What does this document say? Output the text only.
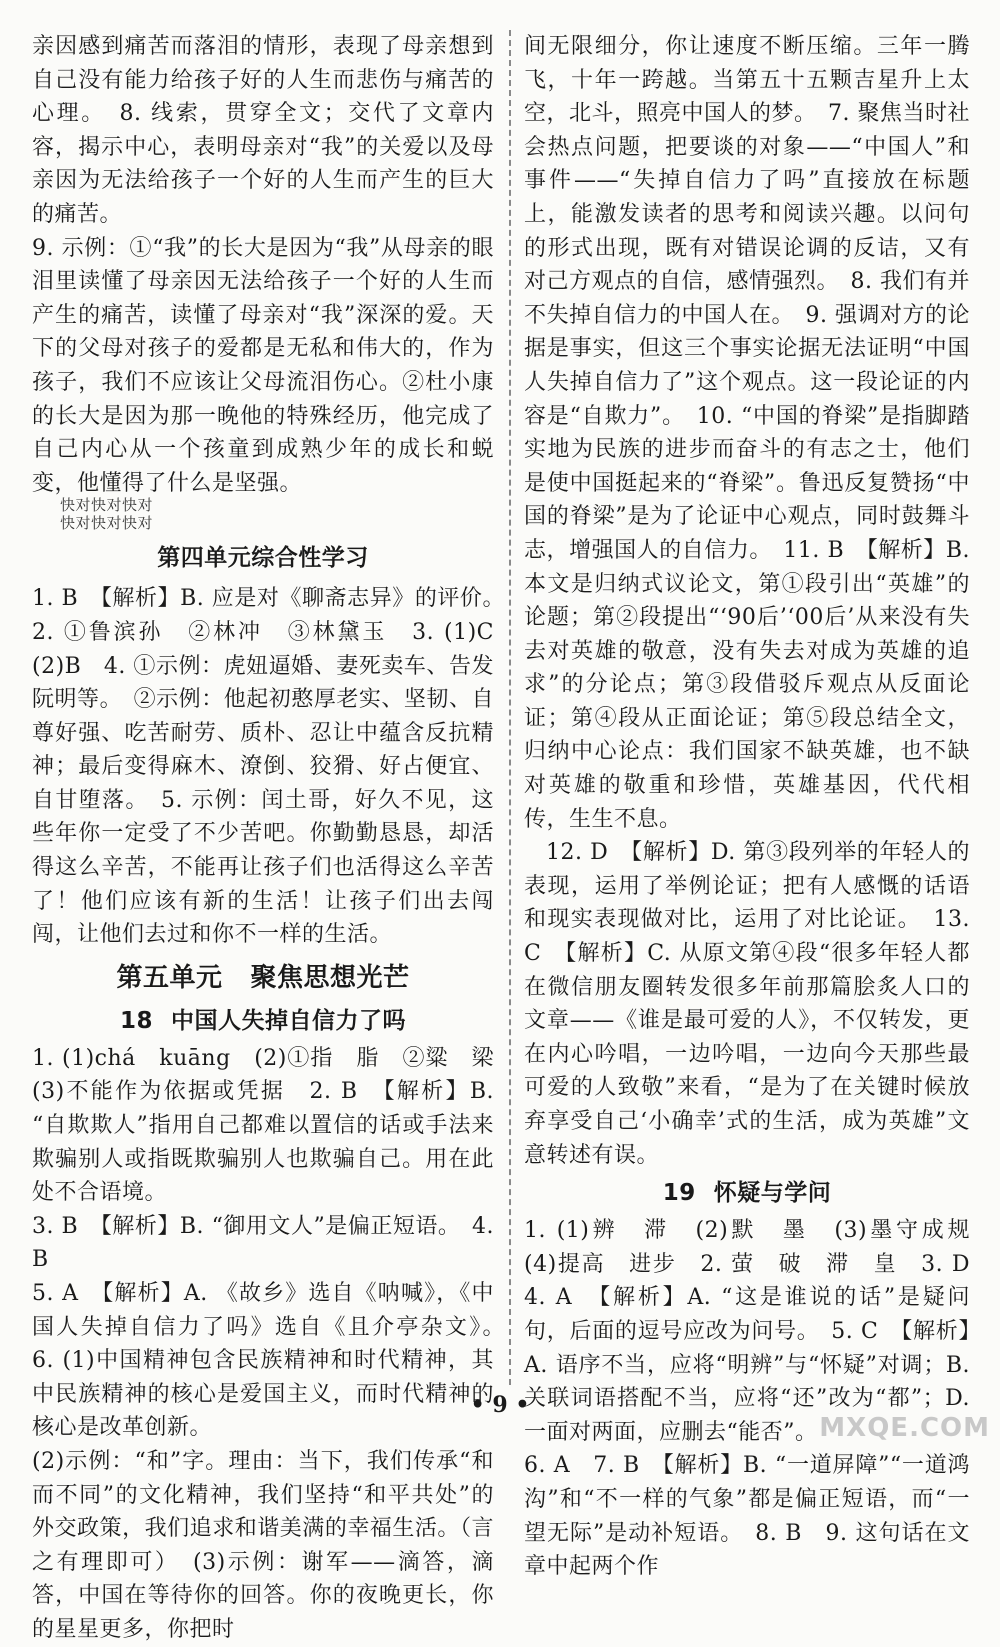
亲因感到痛苦而落泪的情形，表现了母亲想到自己没有能力给孩子好的人生而悲伤与痛苦的心理。　8. 线索，贯穿全文；交代了文章内容，揭示中心，表明母亲对“我”的关爱以及母亲因为无法给孩子一个好的人生而产生的巨大的痛苦。

9. 示例：①“我”的长大是因为“我”从母亲的眼泪里读懂了母亲因无法给孩子一个好的人生而产生的痛苦，读懂了母亲对“我”深深的爱。天下的父母对孩子的爱都是无私和伟大的，作为孩子，我们不应该让父母流泪伤心。②杜小康的长大是因为那一晚他的特殊经历，他完成了自己内心从一个孩童到成熟少年的成长和蜕变，他懂得了什么是坚强。

快对快对快对
快对快对快对
第四单元综合性学习

1. B　【解析】B. 应是对《聊斋志异》的评价。　2. ①鲁滨孙　②林冲　③林黛玉　3. (1)C　(2)B　4. ①示例：虎妞逼婚、妻死卖车、告发阮明等。　②示例：他起初憨厚老实、坚韧、自尊好强、吃苦耐劳、质朴、忍让中蕴含反抗精神；最后变得麻木、潦倒、狡猾、好占便宜、自甘堕落。　5. 示例：闰土哥，好久不见，这些年你一定受了不少苦吧。你勤勤恳恳，却活得这么辛苦，不能再让孩子们也活得这么辛苦了！他们应该有新的生活！让孩子们出去闯闯，让他们去过和你不一样的生活。

第五单元 聚焦思想光芒
18 中国人失掉自信力了吗

1. (1)chá　kuāng　(2)①指　脂　②粱　梁　(3)不能作为依据或凭据　2. B　【解析】B. “自欺欺人”指用自己都难以置信的话或手法来欺骗别人或指既欺骗别人也欺骗自己。用在此处不合语境。

3. B　【解析】B. “御用文人”是偏正短语。　4. B

5. A　【解析】A. 《故乡》选自《呐喊》，《中国人失掉自信力了吗》选自《且介亭杂文》。　6. (1)中国精神包含民族精神和时代精神，其中民族精神的核心是爱国主义，而时代精神的核心是改革创新。

(2)示例：“和”字。理由：当下，我们传承“和而不同”的文化精神，我们坚持“和平共处”的外交政策，我们追求和谐美满的幸福生活。（言之有理即可）　(3)示例：谢军——滴答，滴答，中国在等待你的回答。你的夜晚更长，你的星星更多，你把时

间无限细分，你让速度不断压缩。三年一腾飞，十年一跨越。当第五十五颗吉星升上太空，北斗，照亮中国人的梦。　7. 聚焦当时社会热点问题，把要谈的对象——“中国人”和事件——“失掉自信力了吗”直接放在标题上，能激发读者的思考和阅读兴趣。以问句的形式出现，既有对错误论调的反诘，又有对己方观点的自信，感情强烈。　8. 我们有并不失掉自信力的中国人在。　9. 强调对方的论据是事实，但这三个事实论据无法证明“中国人失掉自信力了”这个观点。这一段论证的内容是“自欺力”。　10. “中国的脊梁”是指脚踏实地为民族的进步而奋斗的有志之士，他们是使中国挺起来的“脊梁”。鲁迅反复赞扬“中国的脊梁”是为了论证中心观点，同时鼓舞斗志，增强国人的自信力。　11. B　【解析】B. 本文是归纳式议论文，第①段引出“英雄”的论题；第②段提出“‘90后’‘00后’从来没有失去对英雄的敬意，没有失去对成为英雄的追求”的分论点；第③段借驳斥观点从反面论证；第④段从正面论证；第⑤段总结全文，归纳中心论点：我们国家不缺英雄，也不缺对英雄的敬重和珍惜，英雄基因，代代相传，生生不息。

12. D　【解析】D. 第③段列举的年轻人的表现，运用了举例论证；把有人感慨的话语和现实表现做对比，运用了对比论证。　13. C　【解析】C. 从原文第④段“很多年轻人都在微信朋友圈转发很多年前那篇脍炙人口的文章——《谁是最可爱的人》，不仅转发，更在内心吟唱，一边吟唱，一边向今天那些最可爱的人致敬”来看，“是为了在关键时候放弃享受自己‘小确幸’式的生活，成为英雄”文意转述有误。

19 怀疑与学问

1. (1)辨　滞　(2)默　墨　(3)墨守成规　(4)提高　进步　2. 萤　破　滞　皇　3. D　4. A　【解析】A. “这是谁说的话”是疑问句，后面的逗号应改为问号。　5. C　【解析】A. 语序不当，应将“明辨”与“怀疑”对调；B. 关联词语搭配不当，应将“还”改为“都”；D. 一面对两面，应删去“能否”。

6. A　7. B　【解析】B. “一道屏障”“一道鸿沟”和“不一样的气象”都是偏正短语，而“一望无际”是动补短语。　8. B　9. 这句话在文章中起两个作

• 9 •
MXQE.COM
